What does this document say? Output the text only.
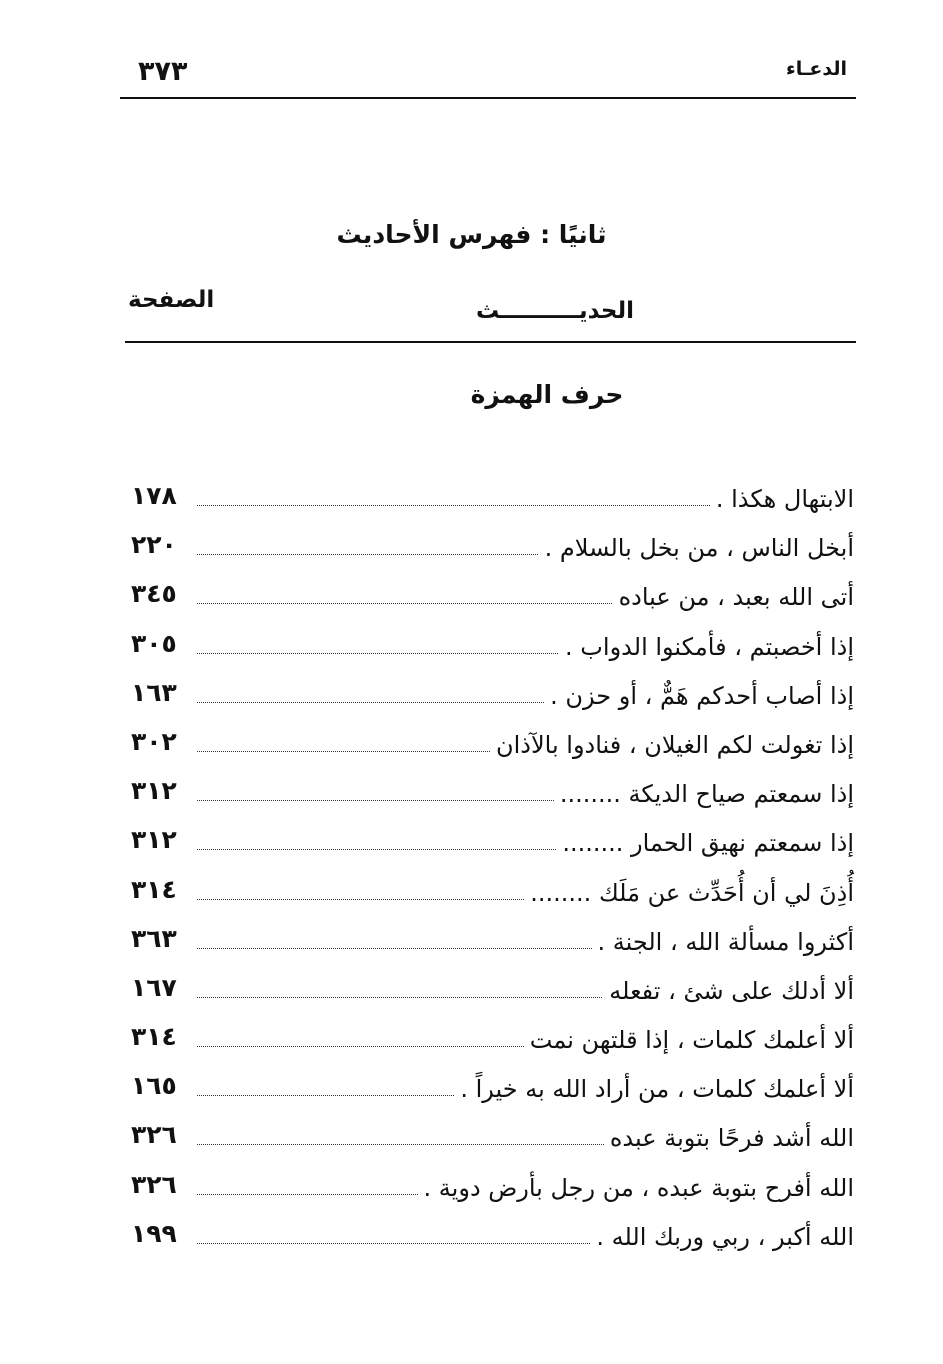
الدعـاء
٣٧٣
ثانيًا : فهرس الأحاديث
الحديــــــــــث
الصفحة
حرف الهمزة
الابتهال هكذا .
١٧٨
أبخل الناس ، من بخل بالسلام .
٢٢٠
أتى الله بعبد ، من عباده
٣٤٥
إذا أخصبتم ، فأمكنوا الدواب .
٣٠٥
إذا أصاب أحدكم هَمٌّ ، أو حزن .
١٦٣
إذا تغولت لكم الغيلان ، فنادوا بالآذان
٣٠٢
إذا سمعتم صياح الديكة ........
٣١٢
إذا سمعتم نهيق الحمار ........
٣١٢
أُذِنَ لي أن أُحَدِّث عن مَلَك ........
٣١٤
أكثروا مسألة الله ، الجنة .
٣٦٣
ألا أدلك على شئ ، تفعله
١٦٧
ألا أعلمك كلمات ، إذا قلتهن نمت
٣١٤
ألا أعلمك كلمات ، من أراد الله به خيراً .
١٦٥
الله أشد فرحًا بتوبة عبده
٣٢٦
الله أفرح بتوبة عبده ، من رجل بأرض دوية .
٣٢٦
الله أكبر ، ربي وربك الله .
١٩٩
